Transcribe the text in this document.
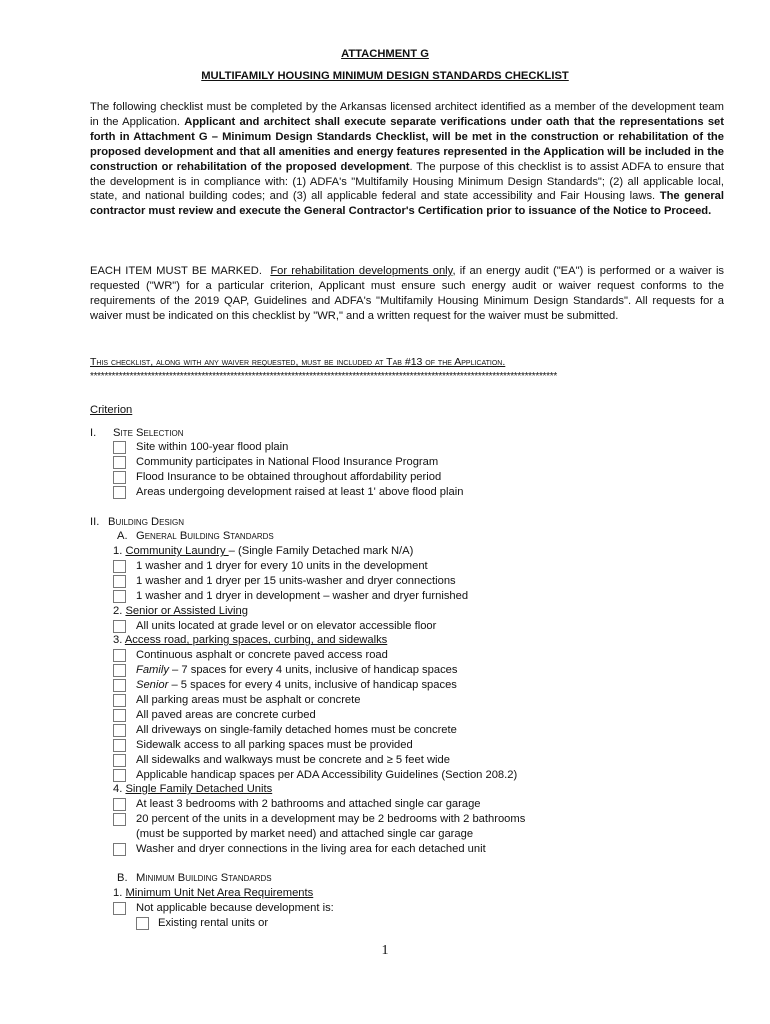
ATTACHMENT G
MULTIFAMILY HOUSING MINIMUM DESIGN STANDARDS CHECKLIST
The following checklist must be completed by the Arkansas licensed architect identified as a member of the development team in the Application. Applicant and architect shall execute separate verifications under oath that the representations set forth in Attachment G – Minimum Design Standards Checklist, will be met in the construction or rehabilitation of the proposed development and that all amenities and energy features represented in the Application will be included in the construction or rehabilitation of the proposed development. The purpose of this checklist is to assist ADFA to ensure that the development is in compliance with: (1) ADFA's "Multifamily Housing Minimum Design Standards"; (2) all applicable local, state, and national building codes; and (3) all applicable federal and state accessibility and Fair Housing laws. The general contractor must review and execute the General Contractor's Certification prior to issuance of the Notice to Proceed.
EACH ITEM MUST BE MARKED. For rehabilitation developments only, if an energy audit ("EA") is performed or a waiver is requested ("WR") for a particular criterion, Applicant must ensure such energy audit or waiver request conforms to the requirements of the 2019 QAP, Guidelines and ADFA's "Multifamily Housing Minimum Design Standards". All requests for a waiver must be indicated on this checklist by "WR," and a written request for the waiver must be submitted.
This checklist, along with any waiver requested, must be included at Tab #13 of the Application.
**********************************************************************************************************************************
Criterion
I. Site Selection
Site within 100-year flood plain
Community participates in National Flood Insurance Program
Flood Insurance to be obtained throughout affordability period
Areas undergoing development raised at least 1' above flood plain
II. Building Design
A. General Building Standards
1. Community Laundry – (Single Family Detached mark N/A)
1 washer and 1 dryer for every 10 units in the development
1 washer and 1 dryer per 15 units-washer and dryer connections
1 washer and 1 dryer in development – washer and dryer furnished
2. Senior or Assisted Living
All units located at grade level or on elevator accessible floor
3. Access road, parking spaces, curbing, and sidewalks
Continuous asphalt or concrete paved access road
Family – 7 spaces for every 4 units, inclusive of handicap spaces
Senior – 5 spaces for every 4 units, inclusive of handicap spaces
All parking areas must be asphalt or concrete
All paved areas are concrete curbed
All driveways on single-family detached homes must be concrete
Sidewalk access to all parking spaces must be provided
All sidewalks and walkways must be concrete and ≥ 5 feet wide
Applicable handicap spaces per ADA Accessibility Guidelines (Section 208.2)
4. Single Family Detached Units
At least 3 bedrooms with 2 bathrooms and attached single car garage
20 percent of the units in a development may be 2 bedrooms with 2 bathrooms
(must be supported by market need) and attached single car garage
Washer and dryer connections in the living area for each detached unit
B. Minimum Building Standards
1. Minimum Unit Net Area Requirements
Not applicable because development is:
Existing rental units or
1
